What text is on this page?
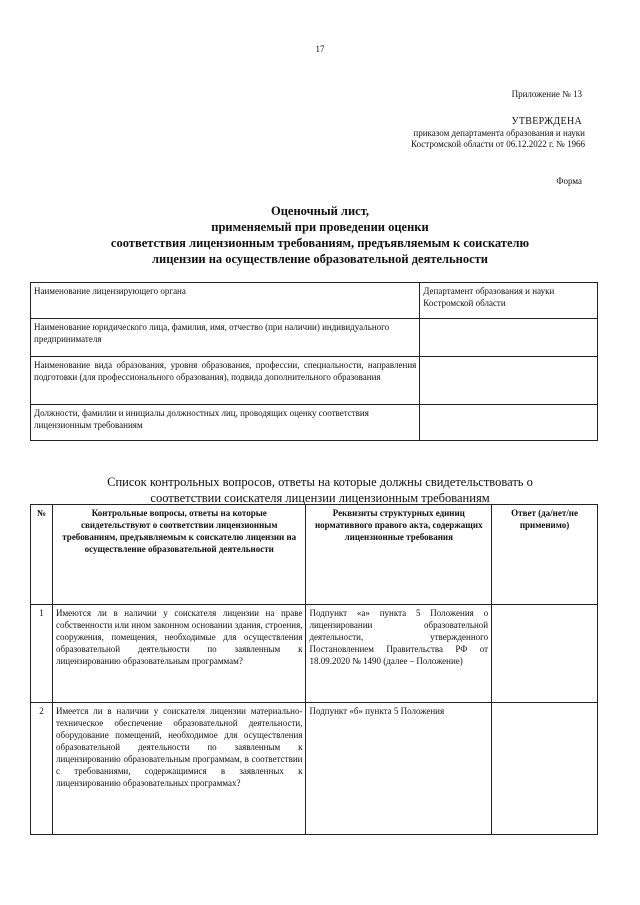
17
Приложение № 13
УТВЕРЖДЕНА
приказом департамента образования и науки
Костромской области от 06.12.2022 г. № 1966
Форма
Оценочный лист,
применяемый при проведении оценки
соответствия лицензионным требованиям, предъявляемым к соискателю
лицензии на осуществление образовательной деятельности
Наименование лицензирующего органа	Департамент образования и науки Костромской области
Наименование юридического лица, фамилия, имя, отчество (при наличии) индивидуального предпринимателя	
Наименование вида образования, уровня образования, профессии, специальности, направления подготовки (для профессионального образования), подвида дополнительного образования	
Должности, фамилии и инициалы должностных лиц, проводящих оценку соответствия лицензионным требованиям	
Список контрольных вопросов, ответы на которые должны свидетельствовать о
соответствии соискателя лицензии лицензионным требованиям
№	Контрольные вопросы, ответы на которые свидетельствуют о соответствии лицензионным требованиям, предъявляемым к соискателю лицензии на осуществление образовательной деятельности	Реквизиты структурных единиц нормативного правого акта, содержащих лицензионные требования	Ответ (да/нет/не применимо)
1	Имеются ли в наличии у соискателя лицензии на праве собственности или ином законном основании здания, строения, сооружения, помещения, необходимые для осуществления образовательной деятельности по заявленным к лицензированию образовательным программам?	Подпункт «а» пункта 5 Положения о лицензировании образовательной деятельности, утвержденного Постановлением Правительства РФ от 18.09.2020 № 1490 (далее – Положение)	
2	Имеется ли в наличии у соискателя лицензии материально-техническое обеспечение образовательной деятельности, оборудование помещений, необходимое для осуществления образовательной деятельности по заявленным к лицензированию образовательным программам, в соответствии с требованиями, содержащимися в заявленных к лицензированию образовательных программах?	Подпункт «б» пункта 5 Положения	
